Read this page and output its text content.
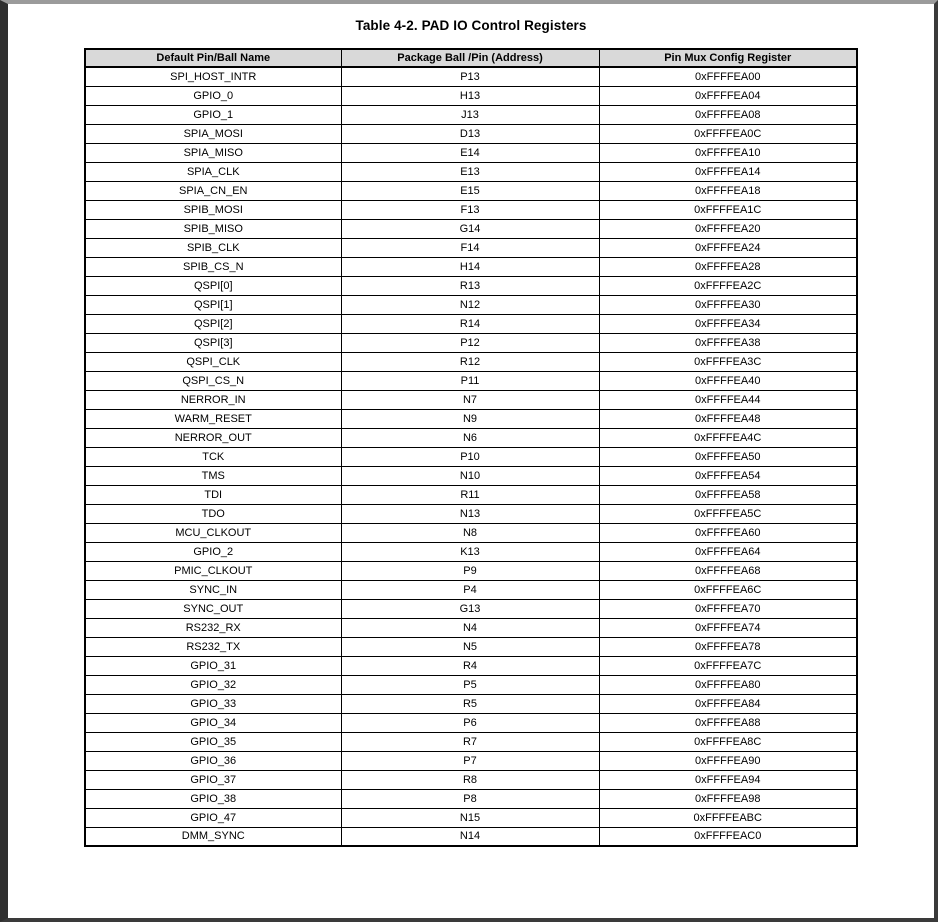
Table 4-2. PAD IO Control Registers
Default Pin/Ball Name	Package Ball /Pin (Address)	Pin Mux Config Register
SPI_HOST_INTR	P13	0xFFFFEA00
GPIO_0	H13	0xFFFFEA04
GPIO_1	J13	0xFFFFEA08
SPIA_MOSI	D13	0xFFFFEA0C
SPIA_MISO	E14	0xFFFFEA10
SPIA_CLK	E13	0xFFFFEA14
SPIA_CN_EN	E15	0xFFFFEA18
SPIB_MOSI	F13	0xFFFFEA1C
SPIB_MISO	G14	0xFFFFEA20
SPIB_CLK	F14	0xFFFFEA24
SPIB_CS_N	H14	0xFFFFEA28
QSPI[0]	R13	0xFFFFEA2C
QSPI[1]	N12	0xFFFFEA30
QSPI[2]	R14	0xFFFFEA34
QSPI[3]	P12	0xFFFFEA38
QSPI_CLK	R12	0xFFFFEA3C
QSPI_CS_N	P11	0xFFFFEA40
NERROR_IN	N7	0xFFFFEA44
WARM_RESET	N9	0xFFFFEA48
NERROR_OUT	N6	0xFFFFEA4C
TCK	P10	0xFFFFEA50
TMS	N10	0xFFFFEA54
TDI	R11	0xFFFFEA58
TDO	N13	0xFFFFEA5C
MCU_CLKOUT	N8	0xFFFFEA60
GPIO_2	K13	0xFFFFEA64
PMIC_CLKOUT	P9	0xFFFFEA68
SYNC_IN	P4	0xFFFFEA6C
SYNC_OUT	G13	0xFFFFEA70
RS232_RX	N4	0xFFFFEA74
RS232_TX	N5	0xFFFFEA78
GPIO_31	R4	0xFFFFEA7C
GPIO_32	P5	0xFFFFEA80
GPIO_33	R5	0xFFFFEA84
GPIO_34	P6	0xFFFFEA88
GPIO_35	R7	0xFFFFEA8C
GPIO_36	P7	0xFFFFEA90
GPIO_37	R8	0xFFFFEA94
GPIO_38	P8	0xFFFFEA98
GPIO_47	N15	0xFFFFEABC
DMM_SYNC	N14	0xFFFFEAC0
